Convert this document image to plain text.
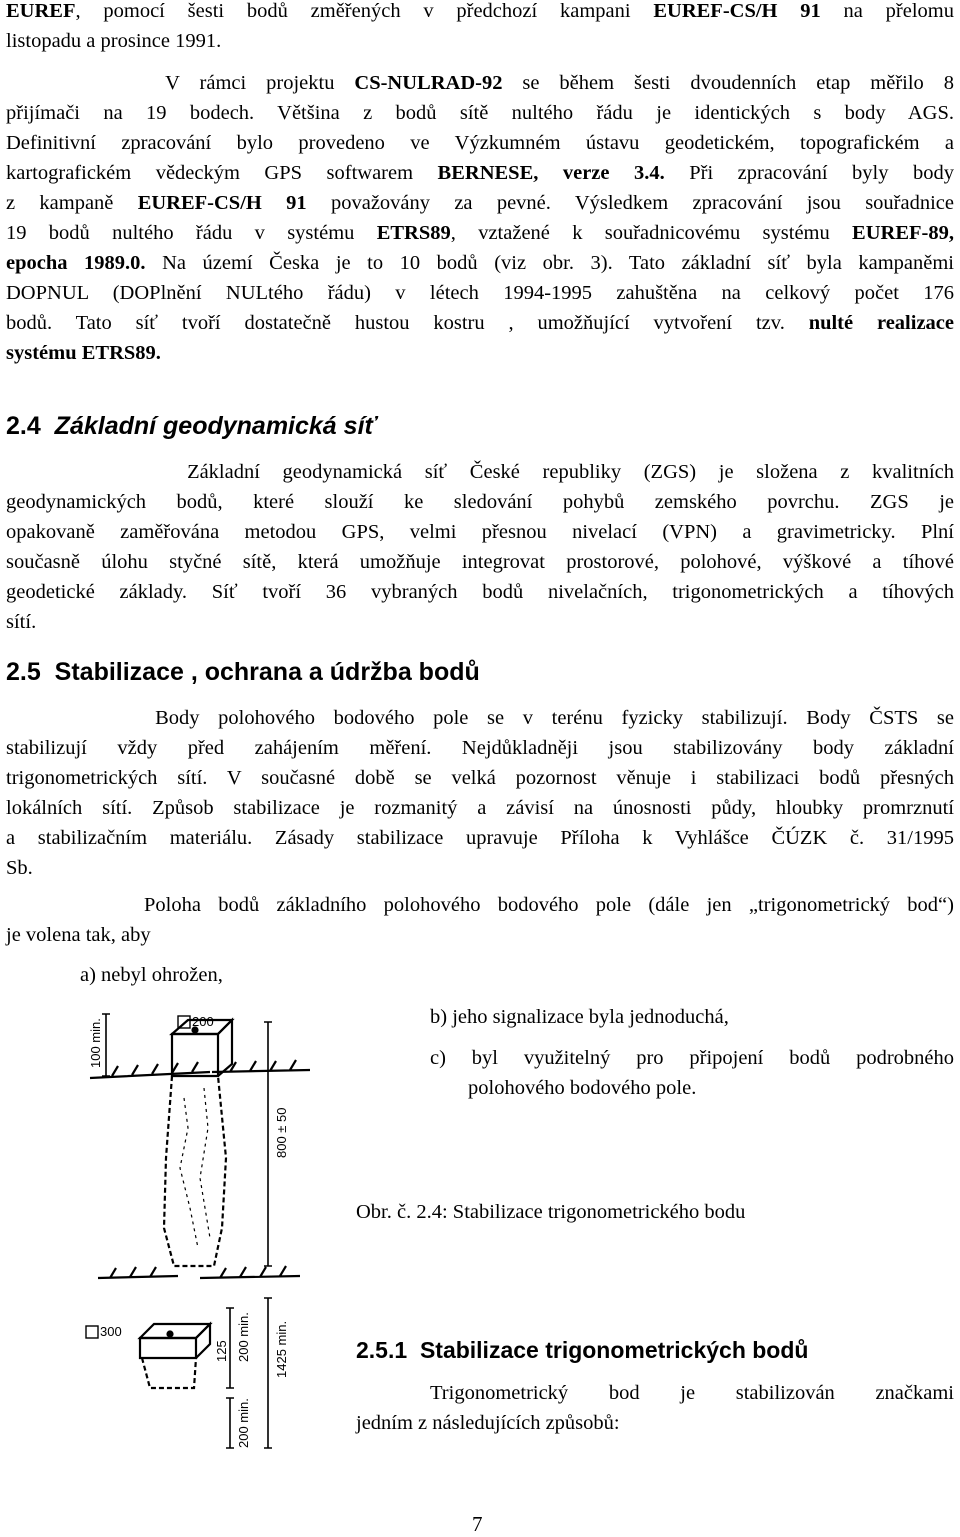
EUREF, pomocí šesti bodů změřených v předchozí kampani EUREF-CS/H 91 na přelomu
listopadu a prosince 1991.
V rámci projektu CS-NULRAD-92 se během šesti dvoudenních etap měřilo 8
přijímači na 19 bodech. Většina z bodů sítě nultého řádu je identických s body AGS.
Definitivní zpracování bylo provedeno ve Výzkumném ústavu geodetickém, topografickém a
kartografickém vědeckým GPS softwarem BERNESE, verze 3.4. Při zpracování byly body
z kampaně EUREF-CS/H 91 považovány za pevné. Výsledkem zpracování jsou souřadnice
19 bodů nultého řádu v systému ETRS89, vztažené k souřadnicovému systému EUREF-89,
epocha 1989.0. Na území Česka je to 10 bodů (viz obr. 3). Tato základní síť byla kampaněmi
DOPNUL (DOPlnění NULtého řádu) v létech 1994-1995 zahuštěna na celkový počet 176
bodů. Tato síť tvoří dostatečně hustou kostru , umožňující vytvoření tzv. nulté realizace
systému ETRS89.
2.4 Základní geodynamická síť
Základní geodynamická síť České republiky (ZGS) je složena z kvalitních
geodynamických bodů, které slouží ke sledování pohybů zemského povrchu. ZGS je
opakovaně zaměřována metodou GPS, velmi přesnou nivelací (VPN) a gravimetricky. Plní
současně úlohu styčné sítě, která umožňuje integrovat prostorové, polohové, výškové a tíhové
geodetické základy. Síť tvoří 36 vybraných bodů nivelačních, trigonometrických a tíhových
sítí.
2.5 Stabilizace , ochrana a údržba bodů
Body polohového bodového pole se v terénu fyzicky stabilizují. Body ČSTS se
stabilizují vždy před zahájením měření. Nejdůkladněji jsou stabilizovány body základní
trigonometrických sítí. V současné době se velká pozornost věnuje i stabilizaci bodů přesných
lokálních sítí. Způsob stabilizace je rozmanitý a závisí na únosnosti půdy, hloubky promrznutí
a stabilizačním materiálu. Zásady stabilizace upravuje Příloha k Vyhlášce ČÚZK č. 31/1995
Sb.
Poloha bodů základního polohového bodového pole (dále jen „trigonometrický bod“)
je volena tak, aby
a) nebyl ohrožen,
b) jeho signalizace byla jednoduchá,
c) byl využitelný pro připojení bodů podrobného
polohového bodového pole.
200
100 min.
800 ± 50
300
125 200 min. 1425 min.
200 min.
Obr. č. 2.4: Stabilizace trigonometrického bodu
2.5.1 Stabilizace trigonometrických bodů
Trigonometrický bod je stabilizován značkami
jedním z následujících způsobů:
7
